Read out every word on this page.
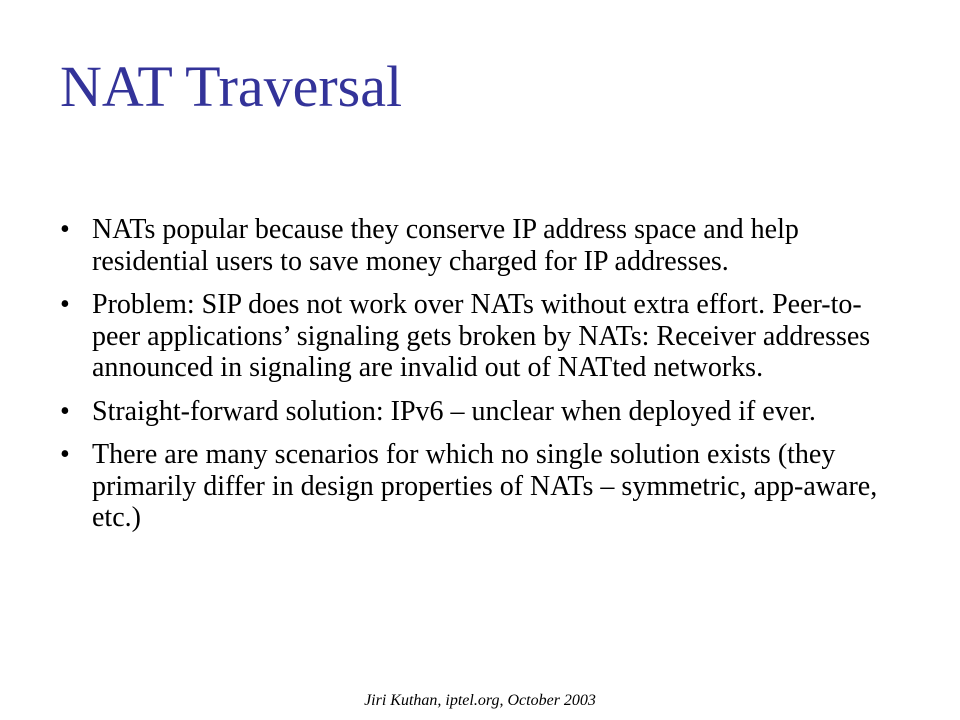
NAT Traversal
• NATs popular because they conserve IP address space and help residential users to save money charged for IP addresses.
• Problem: SIP does not work over NATs without extra effort. Peer-to-peer applications’ signaling gets broken by NATs: Receiver addresses announced in signaling are invalid out of NATted networks.
• Straight-forward solution: IPv6 – unclear when deployed if ever.
• There are many scenarios for which no single solution exists (they primarily differ in design properties of NATs – symmetric, app-aware, etc.)
Jiri Kuthan, iptel.org, October 2003
